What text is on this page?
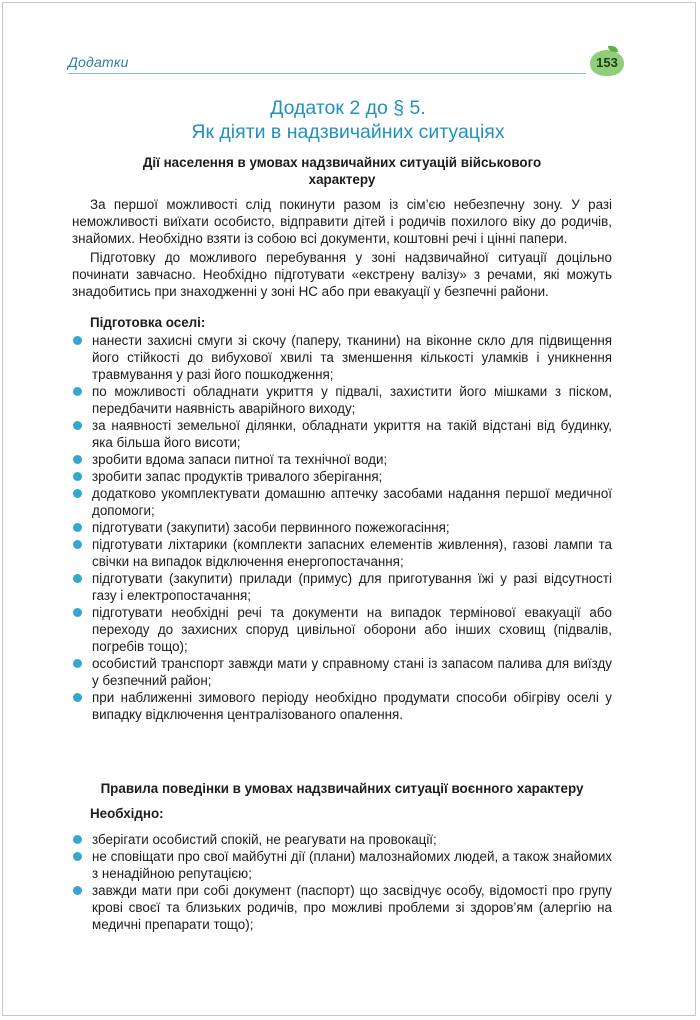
Додатки	153
Додаток 2 до § 5.
Як діяти в надзвичайних ситуаціях
Дії населення в умовах надзвичайних ситуацій військового
характеру

За першої можливості слід покинути разом із сім’єю небезпечну зону. У разі неможливості виїхати особисто, відправити дітей і родичів похилого віку до родичів, знайомих. Необхідно взяти із собою всі документи, коштовні речі і цінні папери.

Підготовку до можливого перебування у зоні надзвичайної ситуації доцільно починати завчасно. Необхідно підготувати «екстрену валізу» з речами, які можуть знадобитись при знаходженні у зоні НС або при евакуації у безпечні райони.

Підготовка оселі:
нанести захисні смуги зі скочу (паперу, тканини) на віконне скло для підвищення його стійкості до вибухової хвилі та зменшення кількості уламків і уникнення травмування у разі його пошкодження;
по можливості обладнати укриття у підвалі, захистити його мішками з піском, передбачити наявність аварійного виходу;
за наявності земельної ділянки, обладнати укриття на такій відстані від будинку, яка більша його висоти;
зробити вдома запаси питної та технічної води;
зробити запас продуктів тривалого зберігання;
додатково укомплектувати домашню аптечку засобами надання першої медичної допомоги;
підготувати (закупити) засоби первинного пожежогасіння;
підготувати ліхтарики (комплекти запасних елементів живлення), газові лампи та свічки на випадок відключення енергопостачання;
підготувати (закупити) прилади (примус) для приготування їжі у разі відсутності газу і електропостачання;
підготувати необхідні речі та документи на випадок термінової евакуації або переходу до захисних споруд цивільної оборони або інших сховищ (підвалів, погребів тощо);
особистий транспорт завжди мати у справному стані із запасом палива для виїзду у безпечний район;
при наближенні зимового періоду необхідно продумати способи обігріву оселі у випадку відключення централізованого опалення.
Правила поведінки в умовах надзвичайних ситуації воєнного характеру
Необхідно:
зберігати особистий спокій, не реагувати на провокації;
не сповіщати про свої майбутні дії (плани) малознайомих людей, а також знайомих з ненадійною репутацією;
завжди мати при собі документ (паспорт) що засвідчує особу, відомості про групу крові своєї та близьких родичів, про можливі проблеми зі здоров’ям (алергію на медичні препарати тощо);
